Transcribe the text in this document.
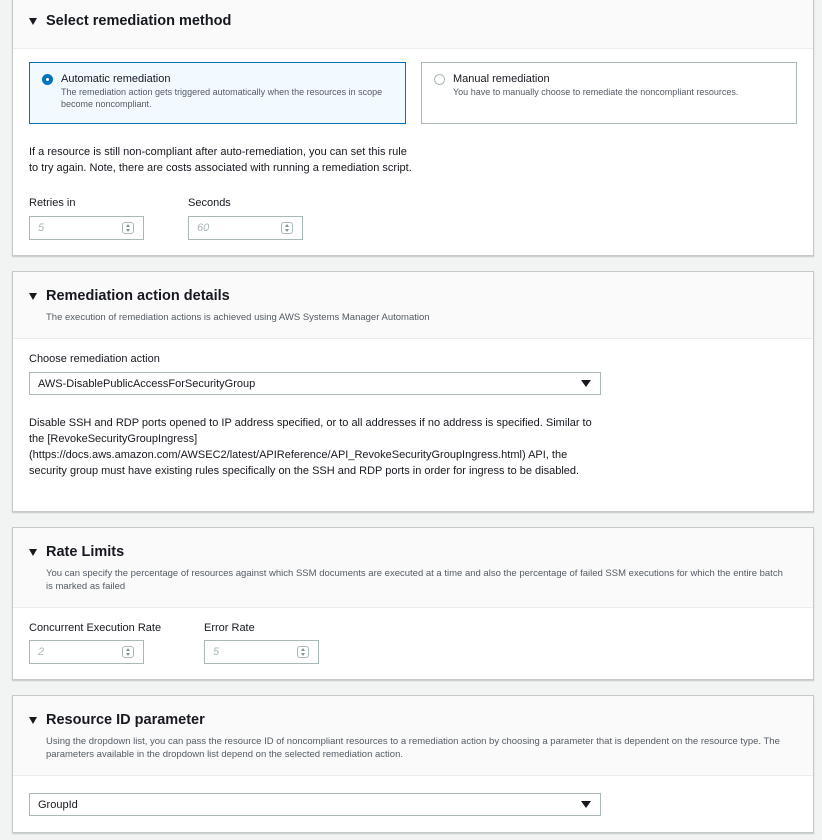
Select remediation method
Automatic remediation
The remediation action gets triggered automatically when the resources in scope become noncompliant.
Manual remediation
You have to manually choose to remediate the noncompliant resources.
If a resource is still non-compliant after auto-remediation, you can set this rule to try again. Note, there are costs associated with running a remediation script.
Retries in
5
Seconds
60
Remediation action details
The execution of remediation actions is achieved using AWS Systems Manager Automation
Choose remediation action
AWS-DisablePublicAccessForSecurityGroup
Disable SSH and RDP ports opened to IP address specified, or to all addresses if no address is specified. Similar to the [RevokeSecurityGroupIngress](https://docs.aws.amazon.com/AWSEC2/latest/APIReference/API_RevokeSecurityGroupIngress.html) API, the security group must have existing rules specifically on the SSH and RDP ports in order for ingress to be disabled.
Rate Limits
You can specify the percentage of resources against which SSM documents are executed at a time and also the percentage of failed SSM executions for which the entire batch is marked as failed
Concurrent Execution Rate
2
Error Rate
5
Resource ID parameter
Using the dropdown list, you can pass the resource ID of noncompliant resources to a remediation action by choosing a parameter that is dependent on the resource type. The parameters available in the dropdown list depend on the selected remediation action.
GroupId
